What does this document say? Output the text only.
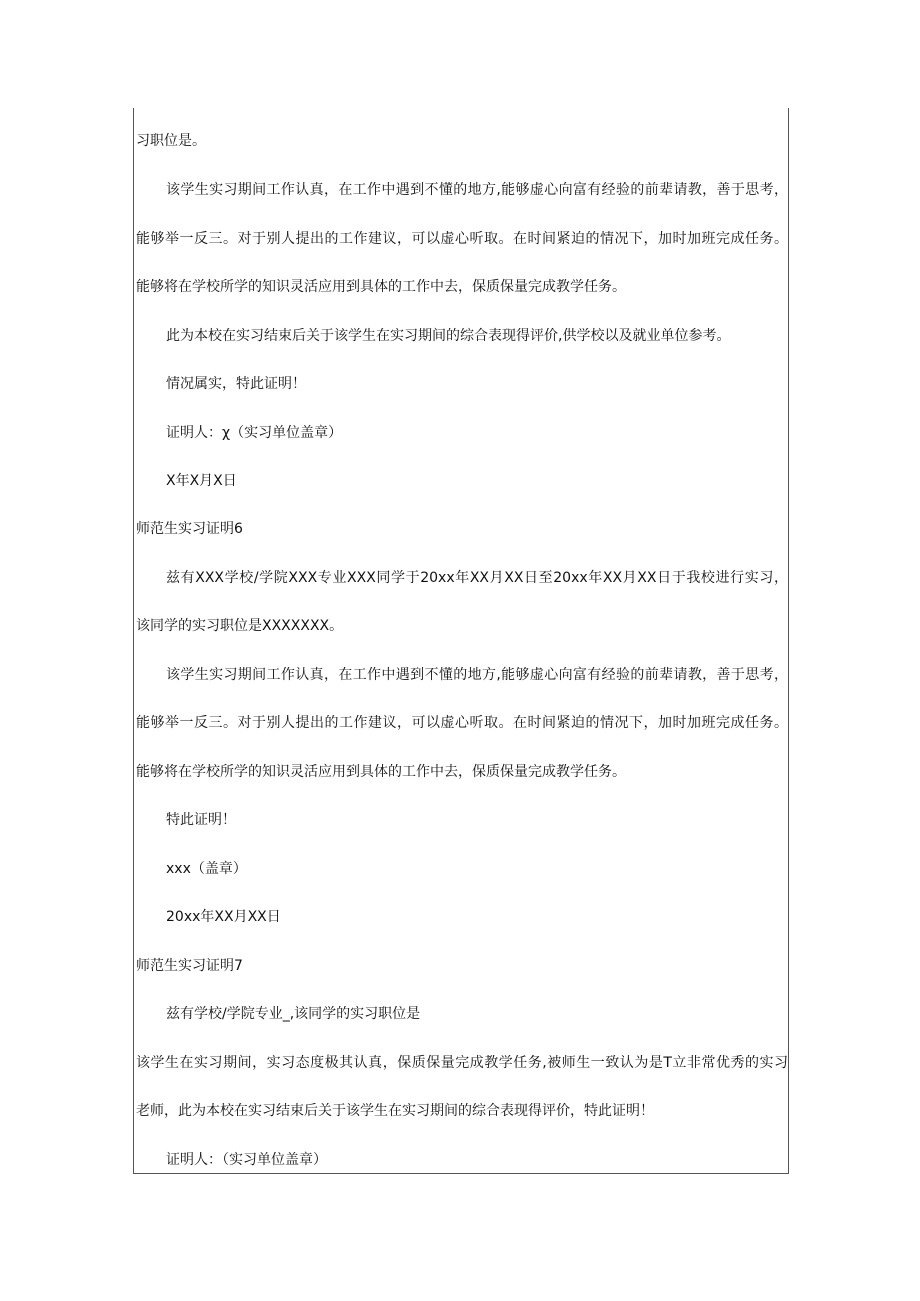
习职位是。
该学生实习期间工作认真，在工作中遇到不懂的地方,能够虚心向富有经验的前辈请教，善于思考，
能够举一反三。对于别人提出的工作建议，可以虚心听取。在时间紧迫的情况下，加时加班完成任务。
能够将在学校所学的知识灵活应用到具体的工作中去，保质保量完成教学任务。
此为本校在实习结束后关于该学生在实习期间的综合表现得评价,供学校以及就业单位参考。
情况属实，特此证明！
证明人：χ（实习单位盖章）
X年X月X日
师范生实习证明6
兹有XXX学校/学院XXX专业XXX同学于20xx年XX月XX日至20xx年XX月XX日于我校进行实习，
该同学的实习职位是XXXXXXX。
该学生实习期间工作认真，在工作中遇到不懂的地方,能够虚心向富有经验的前辈请教，善于思考，
能够举一反三。对于别人提出的工作建议，可以虚心听取。在时间紧迫的情况下，加时加班完成任务。
能够将在学校所学的知识灵活应用到具体的工作中去，保质保量完成教学任务。
特此证明！
xxx（盖章）
20xx年XX月XX日
师范生实习证明7
兹有学校/学院专业_,该同学的实习职位是
该学生在实习期间，实习态度极其认真，保质保量完成教学任务,被师生一致认为是T立非常优秀的实习
老师，此为本校在实习结束后关于该学生在实习期间的综合表现得评价，特此证明！
证明人：（实习单位盖章）
